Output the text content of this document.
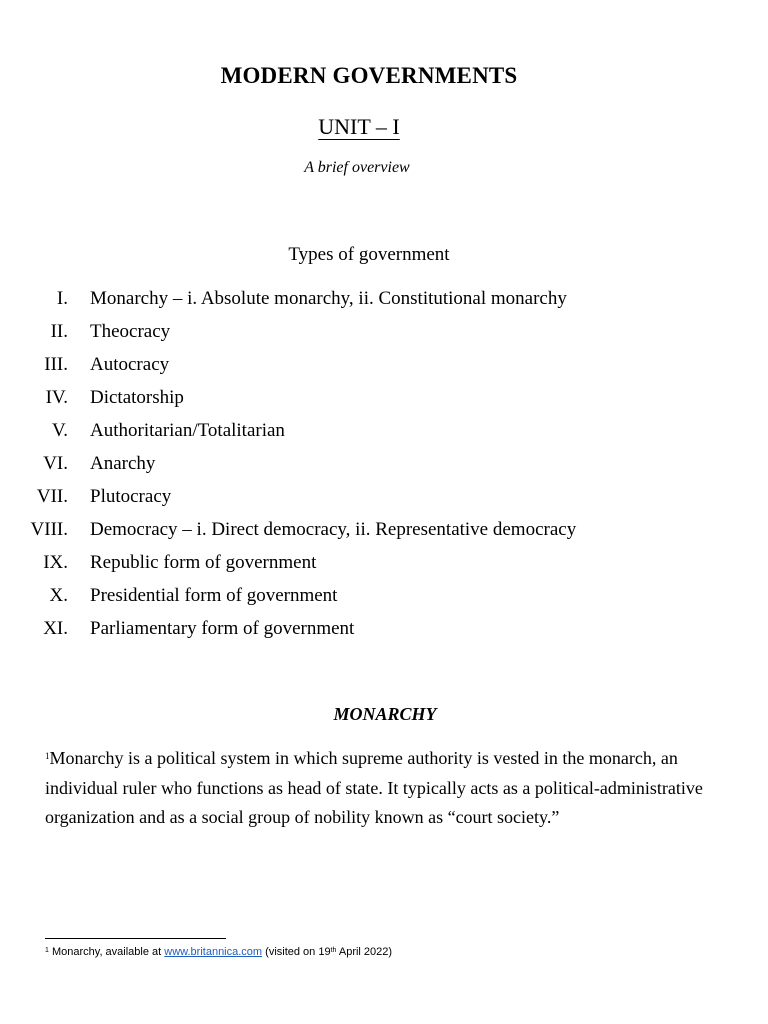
MODERN GOVERNMENTS
UNIT – I
A brief overview
Types of government
I. Monarchy – i. Absolute monarchy, ii. Constitutional monarchy
II. Theocracy
III. Autocracy
IV. Dictatorship
V. Authoritarian/Totalitarian
VI. Anarchy
VII. Plutocracy
VIII. Democracy – i. Direct democracy, ii. Representative democracy
IX. Republic form of government
X. Presidential form of government
XI. Parliamentary form of government
MONARCHY

$^1$Monarchy is a political system in which supreme authority is vested in the monarch, an individual ruler who functions as head of state. It typically acts as a political-administrative organization and as a social group of nobility known as “court society.”

$^1$ Monarchy, available at www.britannica.com (visited on 19th April 2022)
